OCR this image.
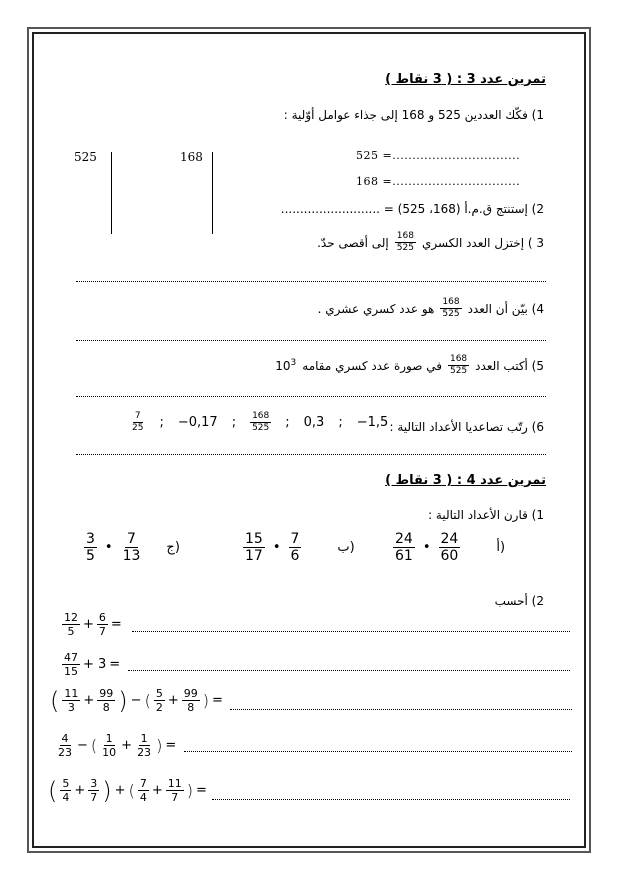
تمرين عدد 3 : ( 3 نقاط )
1) فكّك العددين 525 و 168 إلى جذاء عوامل أوّلية :
525	168	525 =................................
168 =................................
2) إستنتج ق.م.أ (168، 525) = ..........................
3 ) إختزل العدد الكسري
$\frac{168}{525}$
إلى أقصى حدّ.
4) بيّن أن العدد
$\frac{168}{525}$
هو عدد كسري عشري .
5) أكتب العدد
$\frac{168}{525}$
في صورة عدد كسري مقامه
$10^3$
6) رتّب تصاعديا الأعداد التالية :
$\frac{7}{25}$ ; −0,17 ; $\frac{168}{525}$ ; 0,3 ; −1,5
تمرين عدد 4 : ( 3 نقاط )
1) قارن الأعداد التالية :
$\frac{3}{5}$ • $\frac{7}{13}$ ج)	$\frac{15}{17}$ • $\frac{7}{6}$	ب)	$\frac{24}{61}$ • $\frac{24}{60}$	أ)
2) أحسب
$\frac{12}{5} + \frac{6}{7}$ =
$\frac{47}{15} + 3$ =
( $\frac{11}{3} + \frac{99}{8}$ ) − ( $\frac{5}{2} + \frac{99}{8}$ ) =
$\frac{4}{23}$ − ( $\frac{1}{10} + \frac{1}{23}$ ) =
( $\frac{5}{4} + \frac{3}{7}$ ) + ( $\frac{7}{4} + \frac{11}{7}$ ) =
